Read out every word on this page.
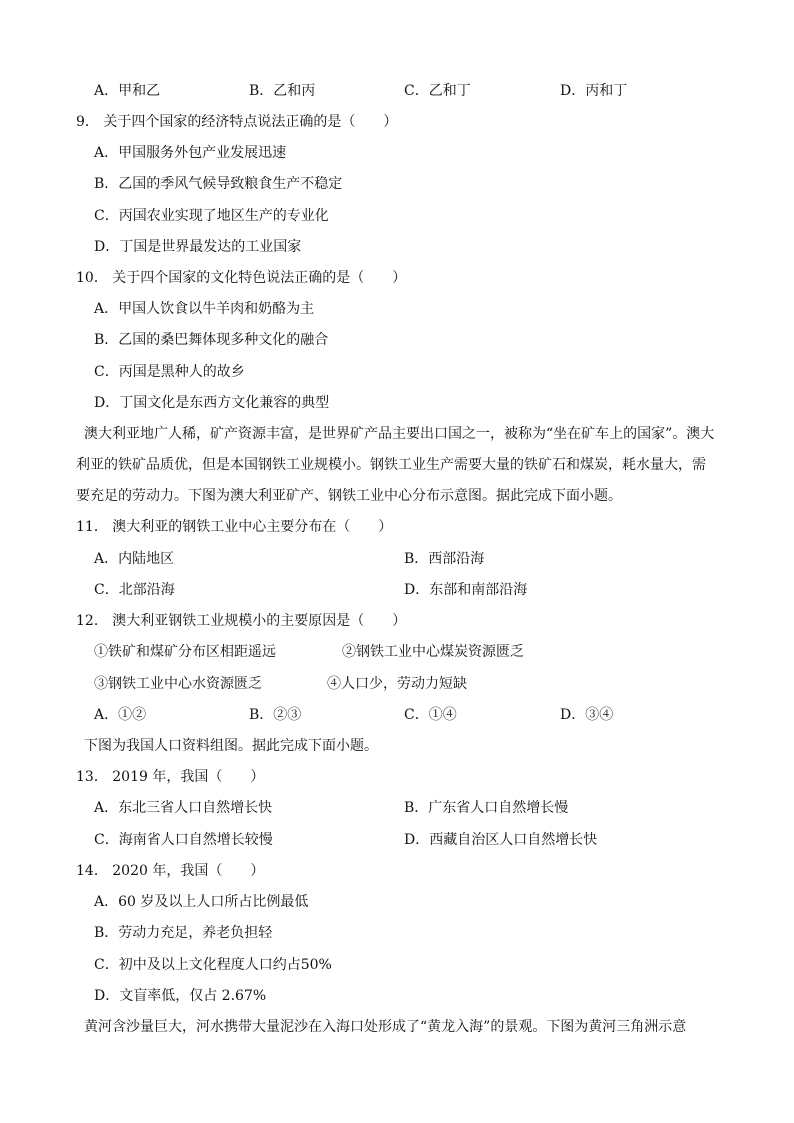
A．甲和乙	B．乙和丙	C．乙和丁	D．丙和丁
9． 关于四个国家的经济特点说法正确的是（　　）
A．甲国服务外包产业发展迅速
B．乙国的季风气候导致粮食生产不稳定
C．丙国农业实现了地区生产的专业化
D．丁国是世界最发达的工业国家
10． 关于四个国家的文化特色说法正确的是（　　）
A．甲国人饮食以牛羊肉和奶酪为主
B．乙国的桑巴舞体现多种文化的融合
C．丙国是黑种人的故乡
D．丁国文化是东西方文化兼容的典型
澳大利亚地广人稀，矿产资源丰富，是世界矿产品主要出口国之一，被称为“坐在矿车上的国家”。澳大利亚的铁矿品质优，但是本国钢铁工业规模小。钢铁工业生产需要大量的铁矿石和煤炭，耗水量大，需要充足的劳动力。下图为澳大利亚矿产、钢铁工业中心分布示意图。据此完成下面小题。
11． 澳大利亚的钢铁工业中心主要分布在（　　）
A．内陆地区	B．西部沿海
C．北部沿海	D．东部和南部沿海
12． 澳大利亚钢铁工业规模小的主要原因是（　　）
①铁矿和煤矿分布区相距遥远	②钢铁工业中心煤炭资源匮乏
③钢铁工业中心水资源匮乏	④人口少，劳动力短缺
A．①②	B．②③	C．①④	D．③④
下图为我国人口资料组图。据此完成下面小题。
13． 2019 年，我国（　　）
A．东北三省人口自然增长快	B．广东省人口自然增长慢
C．海南省人口自然增长较慢	D．西藏自治区人口自然增长快
14． 2020 年，我国（　　）
A．60 岁及以上人口所占比例最低
B．劳动力充足，养老负担轻
C．初中及以上文化程度人口约占50%
D．文盲率低，仅占 2.67%
黄河含沙量巨大，河水携带大量泥沙在入海口处形成了“黄龙入海”的景观。下图为黄河三角洲示意
